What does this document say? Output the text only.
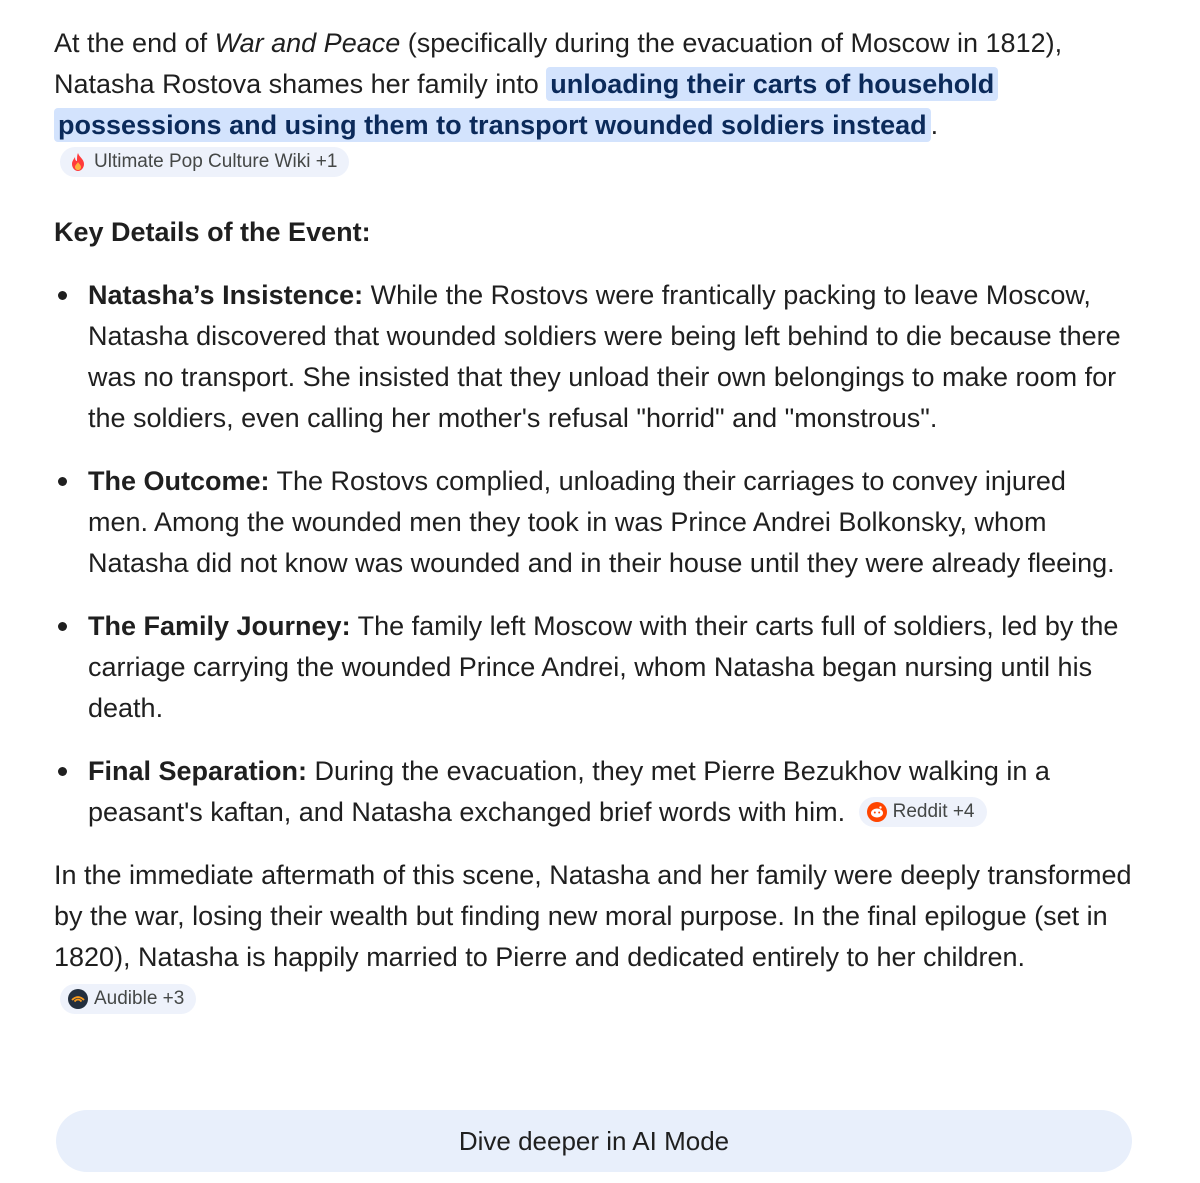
At the end of War and Peace (specifically during the evacuation of Moscow in 1812), Natasha Rostova shames her family into unloading their carts of household possessions and using them to transport wounded soldiers instead .
Ultimate Pop Culture Wiki +1

Key Details of the Event:
Natasha’s Insistence: While the Rostovs were frantically packing to leave Moscow, Natasha discovered that wounded soldiers were being left behind to die because there was no transport. She insisted that they unload their own belongings to make room for the soldiers, even calling her mother's refusal "horrid" and "monstrous".
The Outcome: The Rostovs complied, unloading their carriages to convey injured men. Among the wounded men they took in was Prince Andrei Bolkonsky, whom Natasha did not know was wounded and in their house until they were already fleeing.
The Family Journey: The family left Moscow with their carts full of soldiers, led by the carriage carrying the wounded Prince Andrei, whom Natasha began nursing until his death.
Final Separation: During the evacuation, they met Pierre Bezukhov walking in a peasant's kaftan, and Natasha exchanged brief words with him.	Reddit +4

In the immediate aftermath of this scene, Natasha and her family were deeply transformed by the war, losing their wealth but finding new moral purpose. In the final epilogue (set in 1820), Natasha is happily married to Pierre and dedicated entirely to her children.
Audible +3

Dive deeper in AI Mode
